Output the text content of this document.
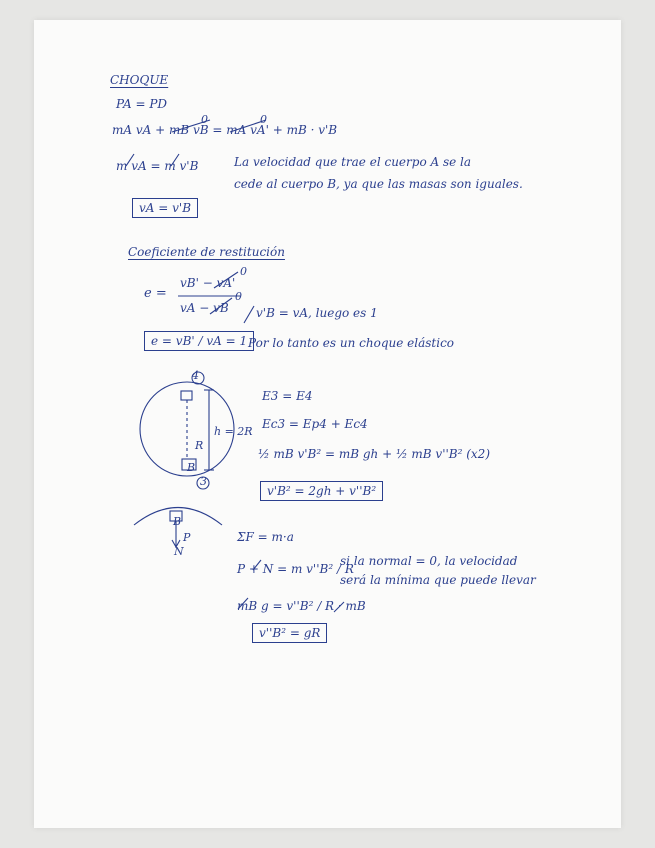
CHOQUE
PA = PD
mA vA + mB vB = mA vA' + mB · v'B
0	0
m vA = m v'B	La velocidad que trae el cuerpo A se la
cede al cuerpo B, ya que las masas son iguales.
vA = v'B
Coeficiente de restitución
e =
vB' − vA'
vA − vB
0
0
v'B = vA, luego es 1
e = vB' / vA = 1 Por lo tanto es un choque elástico
4
3
h = 2R
R
B
E3 = E4
Ec3 = Ep4 + Ec4
½ mB v'B² = mB gh + ½ mB v''B² (x2)
v'B² = 2gh + v''B²
B
P
N
ΣF = m·a
P + N = m v''B² / R
si la normal = 0, la velocidad
será la mínima que puede llevar
mB g = v''B² / R · mB
v''B² = gR
